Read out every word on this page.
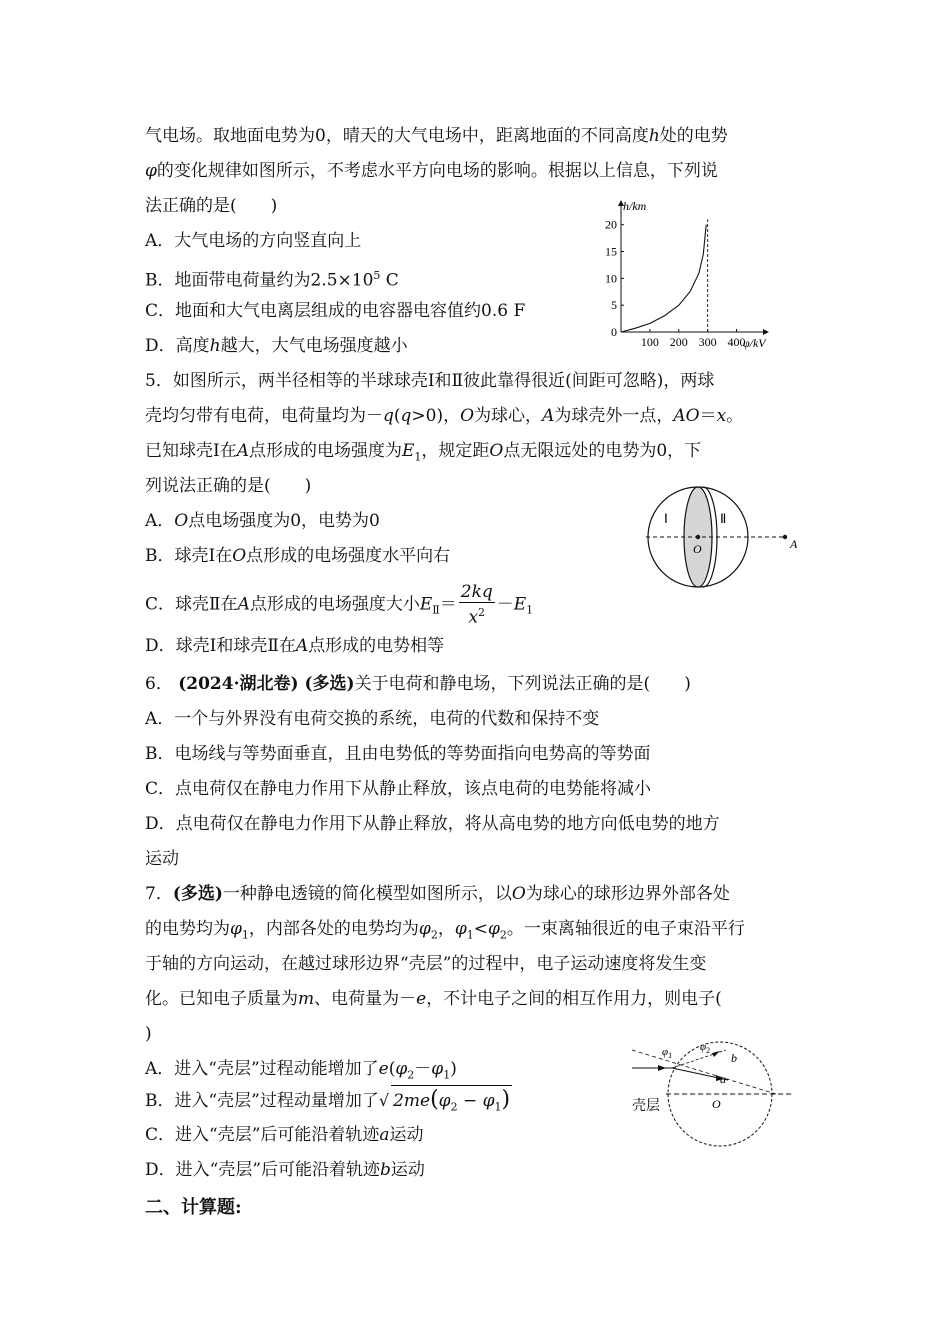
气电场。取地面电势为0，晴天的大气电场中，距离地面的不同高度h处的电势
φ的变化规律如图所示，不考虑水平方向电场的影响。根据以上信息，下列说
法正确的是(　　)
A．大气电场的方向竖直向上
B．地面带电荷量约为$2.5\times 10^5$ C
C．地面和大气电离层组成的电容器电容值约0.6 F
D．高度h越大，大气电场强度越小	100 200 300 400
0
5
10
15
20
h/km
φ/kV
5．如图所示，两半径相等的半球球壳Ⅰ和Ⅱ彼此靠得很近(间距可忽略)，两球
壳均匀带有电荷，电荷量均为－q(q>0)，O为球心，A为球壳外一点，AO＝x。
已知球壳Ⅰ在A点形成的电场强度为$E_1$，规定距O点无限远处的电势为0，下
列说法正确的是(　　)
A．O点电场强度为0，电势为0
B．球壳Ⅰ在O点形成的电场强度水平向右
C．球壳Ⅱ在A点形成的电场强度大小$E_Ⅱ= \frac{2kq}{x^2} -E_1$
D．球壳Ⅰ和球壳Ⅱ在A点形成的电势相等
Ⅰ	Ⅱ
O	A
6． (2024·湖北卷) (多选)关于电荷和静电场，下列说法正确的是(　　)
A．一个与外界没有电荷交换的系统，电荷的代数和保持不变
B．电场线与等势面垂直，且由电势低的等势面指向电势高的等势面
C．点电荷仅在静电力作用下从静止释放，该点电荷的电势能将减小
D．点电荷仅在静电力作用下从静止释放，将从高电势的地方向低电势的地方
运动
7．(多选)一种静电透镜的简化模型如图所示，以O为球心的球形边界外部各处
的电势均为$\varphi_1$，内部各处的电势均为$\varphi_2$，$\varphi_1<\varphi_2$。一束离轴很近的电子束沿平行
于轴的方向运动，在越过球形边界“壳层”的过程中，电子运动速度将发生变
化。已知电子质量为m、电荷量为－e，不计电子之间的相互作用力，则电子(
)
A．进入“壳层”过程动能增加了$e(\varphi_2-\varphi_1)$
B．进入“壳层”过程动量增加了√ $2me(\varphi_2 - \varphi_1)$
C．进入“壳层”后可能沿着轨迹a运动
D．进入“壳层”后可能沿着轨迹b运动
$\varphi_1$
$\varphi_2$
b
a
壳层	O
二、计算题:
